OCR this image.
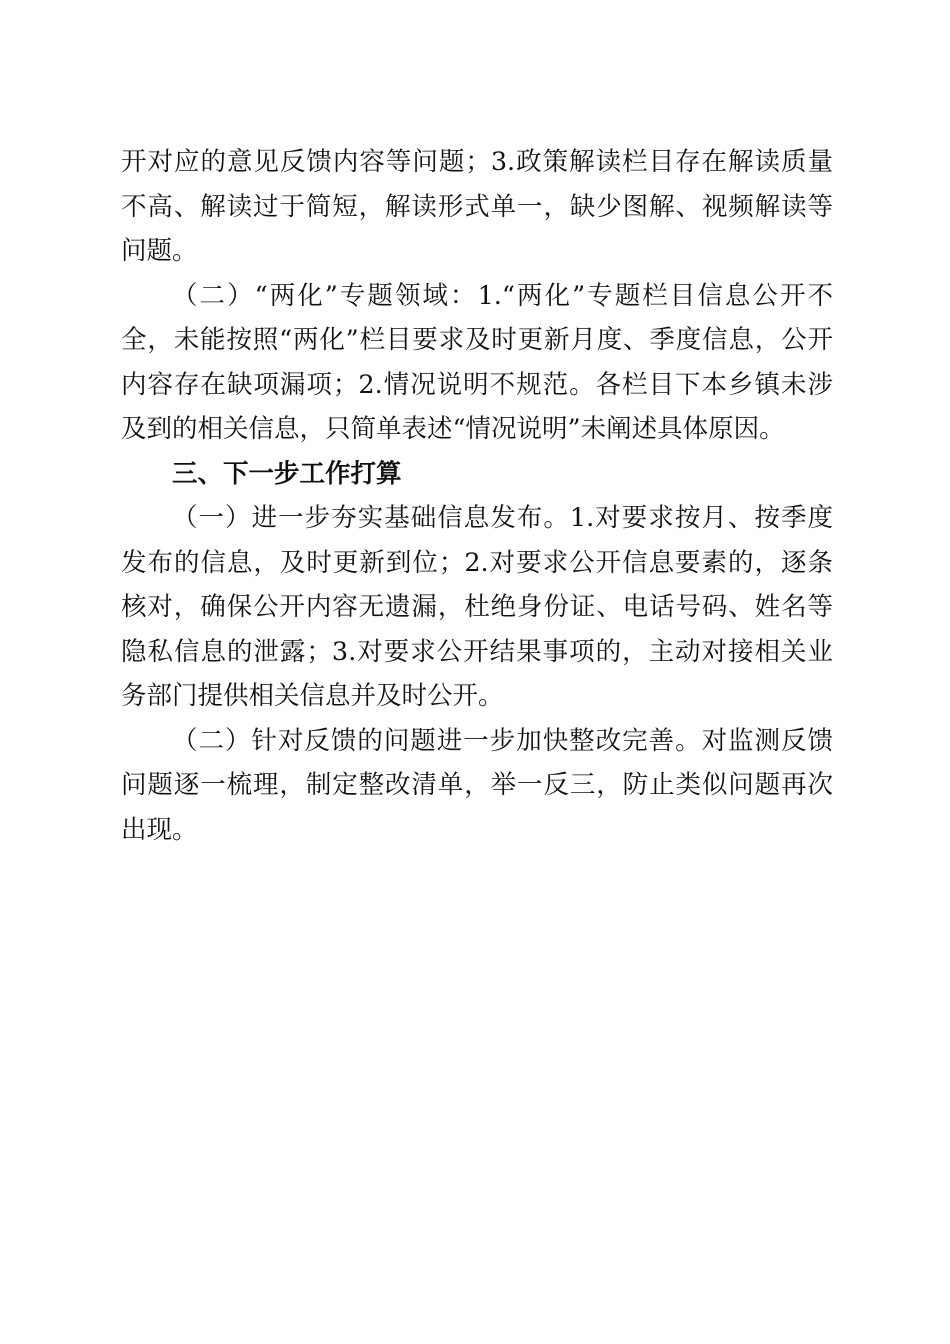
开对应的意见反馈内容等问题；3.政策解读栏目存在解读质量不高、解读过于简短，解读形式单一，缺少图解、视频解读等问题。

（二）“两化”专题领域：1.“两化”专题栏目信息公开不全，未能按照“两化”栏目要求及时更新月度、季度信息，公开内容存在缺项漏项；2.情况说明不规范。各栏目下本乡镇未涉及到的相关信息，只简单表述“情况说明”未阐述具体原因。

三、下一步工作打算

（一）进一步夯实基础信息发布。1.对要求按月、按季度发布的信息，及时更新到位；2.对要求公开信息要素的，逐条核对，确保公开内容无遗漏，杜绝身份证、电话号码、姓名等隐私信息的泄露；3.对要求公开结果事项的，主动对接相关业务部门提供相关信息并及时公开。

（二）针对反馈的问题进一步加快整改完善。对监测反馈问题逐一梳理，制定整改清单，举一反三，防止类似问题再次出现。
